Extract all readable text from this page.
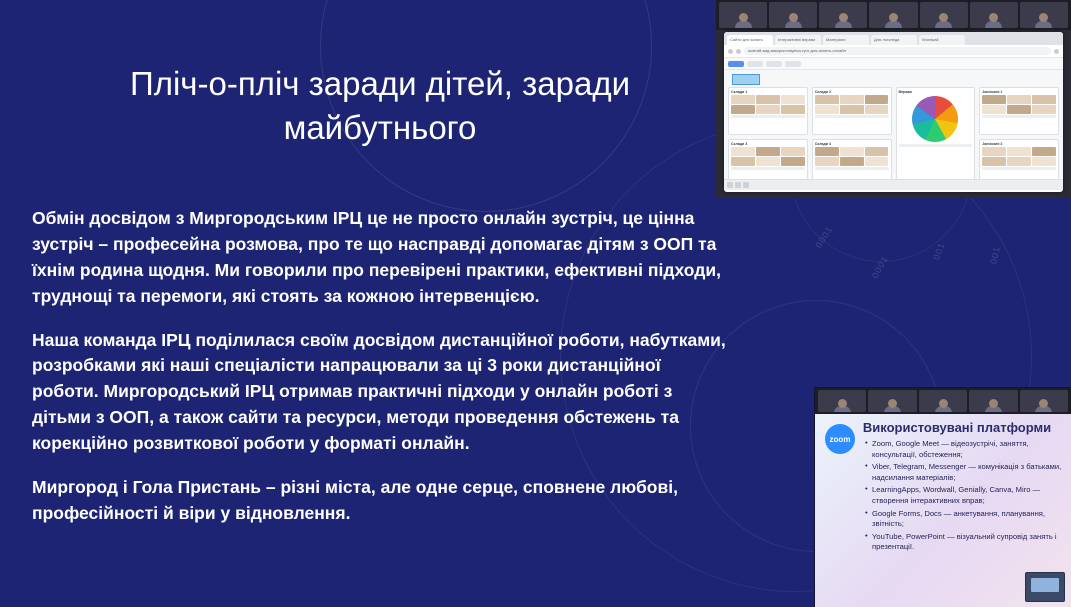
0001
0001
001	001
Пліч-о-пліч заради дітей, заради майбутнього

Обмін досвідом з Миргородським ІРЦ це не просто онлайн зустріч, це цінна зустріч – професейна розмова, про те що насправді допомагає дітям з ООП та їхнім родина щодня. Ми говорили про перевірені практики, ефективні підходи, труднощі та перемоги, які стоять за кожною інтервенцією.

Наша команда ІРЦ поділилася своїм досвідом дистанційної роботи, набутками, розробками які наші спеціалісти напрацювали за ці 3 роки дистанційної роботи. Миргородський ІРЦ отримав практичні підходи у онлайн роботі з дітьми з ООП, а також сайти та ресурси, методи проведення обстежень та корекційно розвиткової роботи у форматі онлайн.

Миргород і Гола Пристань – різні міста, але одне серце, сповнене любові, професійності й віри у відновлення.

Сайти для занять	Інтерактивні вправи	Матеріали	Для логопеда	Wordwall
жовтий-вид-використовуючи-гугл-для-занять-онлайн
Склади 1
Склади 3
Склади 2
Склади 4
Вправи	Jamboard 1
Jamboard 2
zoom
Використовувані платформи
• Zoom, Google Meet — відеозустрічі, заняття, консультації, обстеження;
• Viber, Telegram, Messenger — комунікація з батьками, надсилання матеріалів;
• LearningApps, Wordwall, Genially, Canva, Miro — створення інтерактивних вправ;
• Google Forms, Docs — анкетування, планування, звітність;
• YouTube, PowerPoint — візуальний супровід занять і презентації.
